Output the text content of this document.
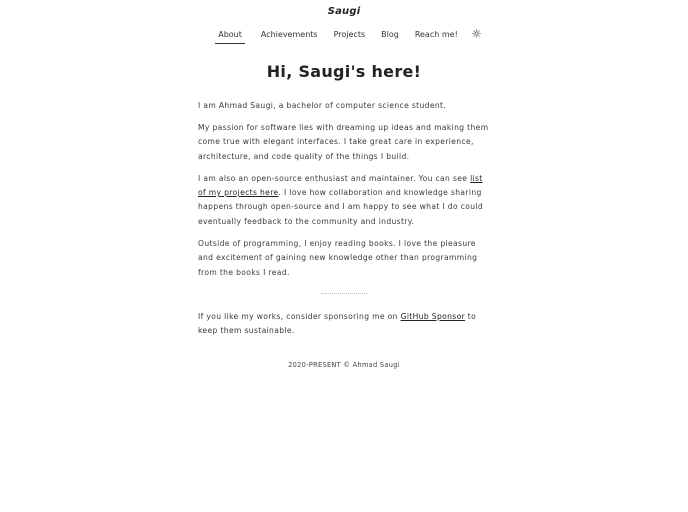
Saugi
About	Achievements Projects Blog Reach me!
Hi, Saugi's here!

I am Ahmad Saugi, a bachelor of computer science student.

My passion for software lies with dreaming up ideas and making them come true with elegant interfaces. I take great care in experience, architecture, and code quality of the things I build.

I am also an open-source enthusiast and maintainer. You can see list of my projects here. I love how collaboration and knowledge sharing happens through open-source and I am happy to see what I do could eventually feedback to the community and industry.

Outside of programming, I enjoy reading books. I love the pleasure and excitement of gaining new knowledge other than programming from the books I read.

If you like my works, consider sponsoring me on GitHub Sponsor to keep them sustainable.

2020-PRESENT © Ahmad Saugi
